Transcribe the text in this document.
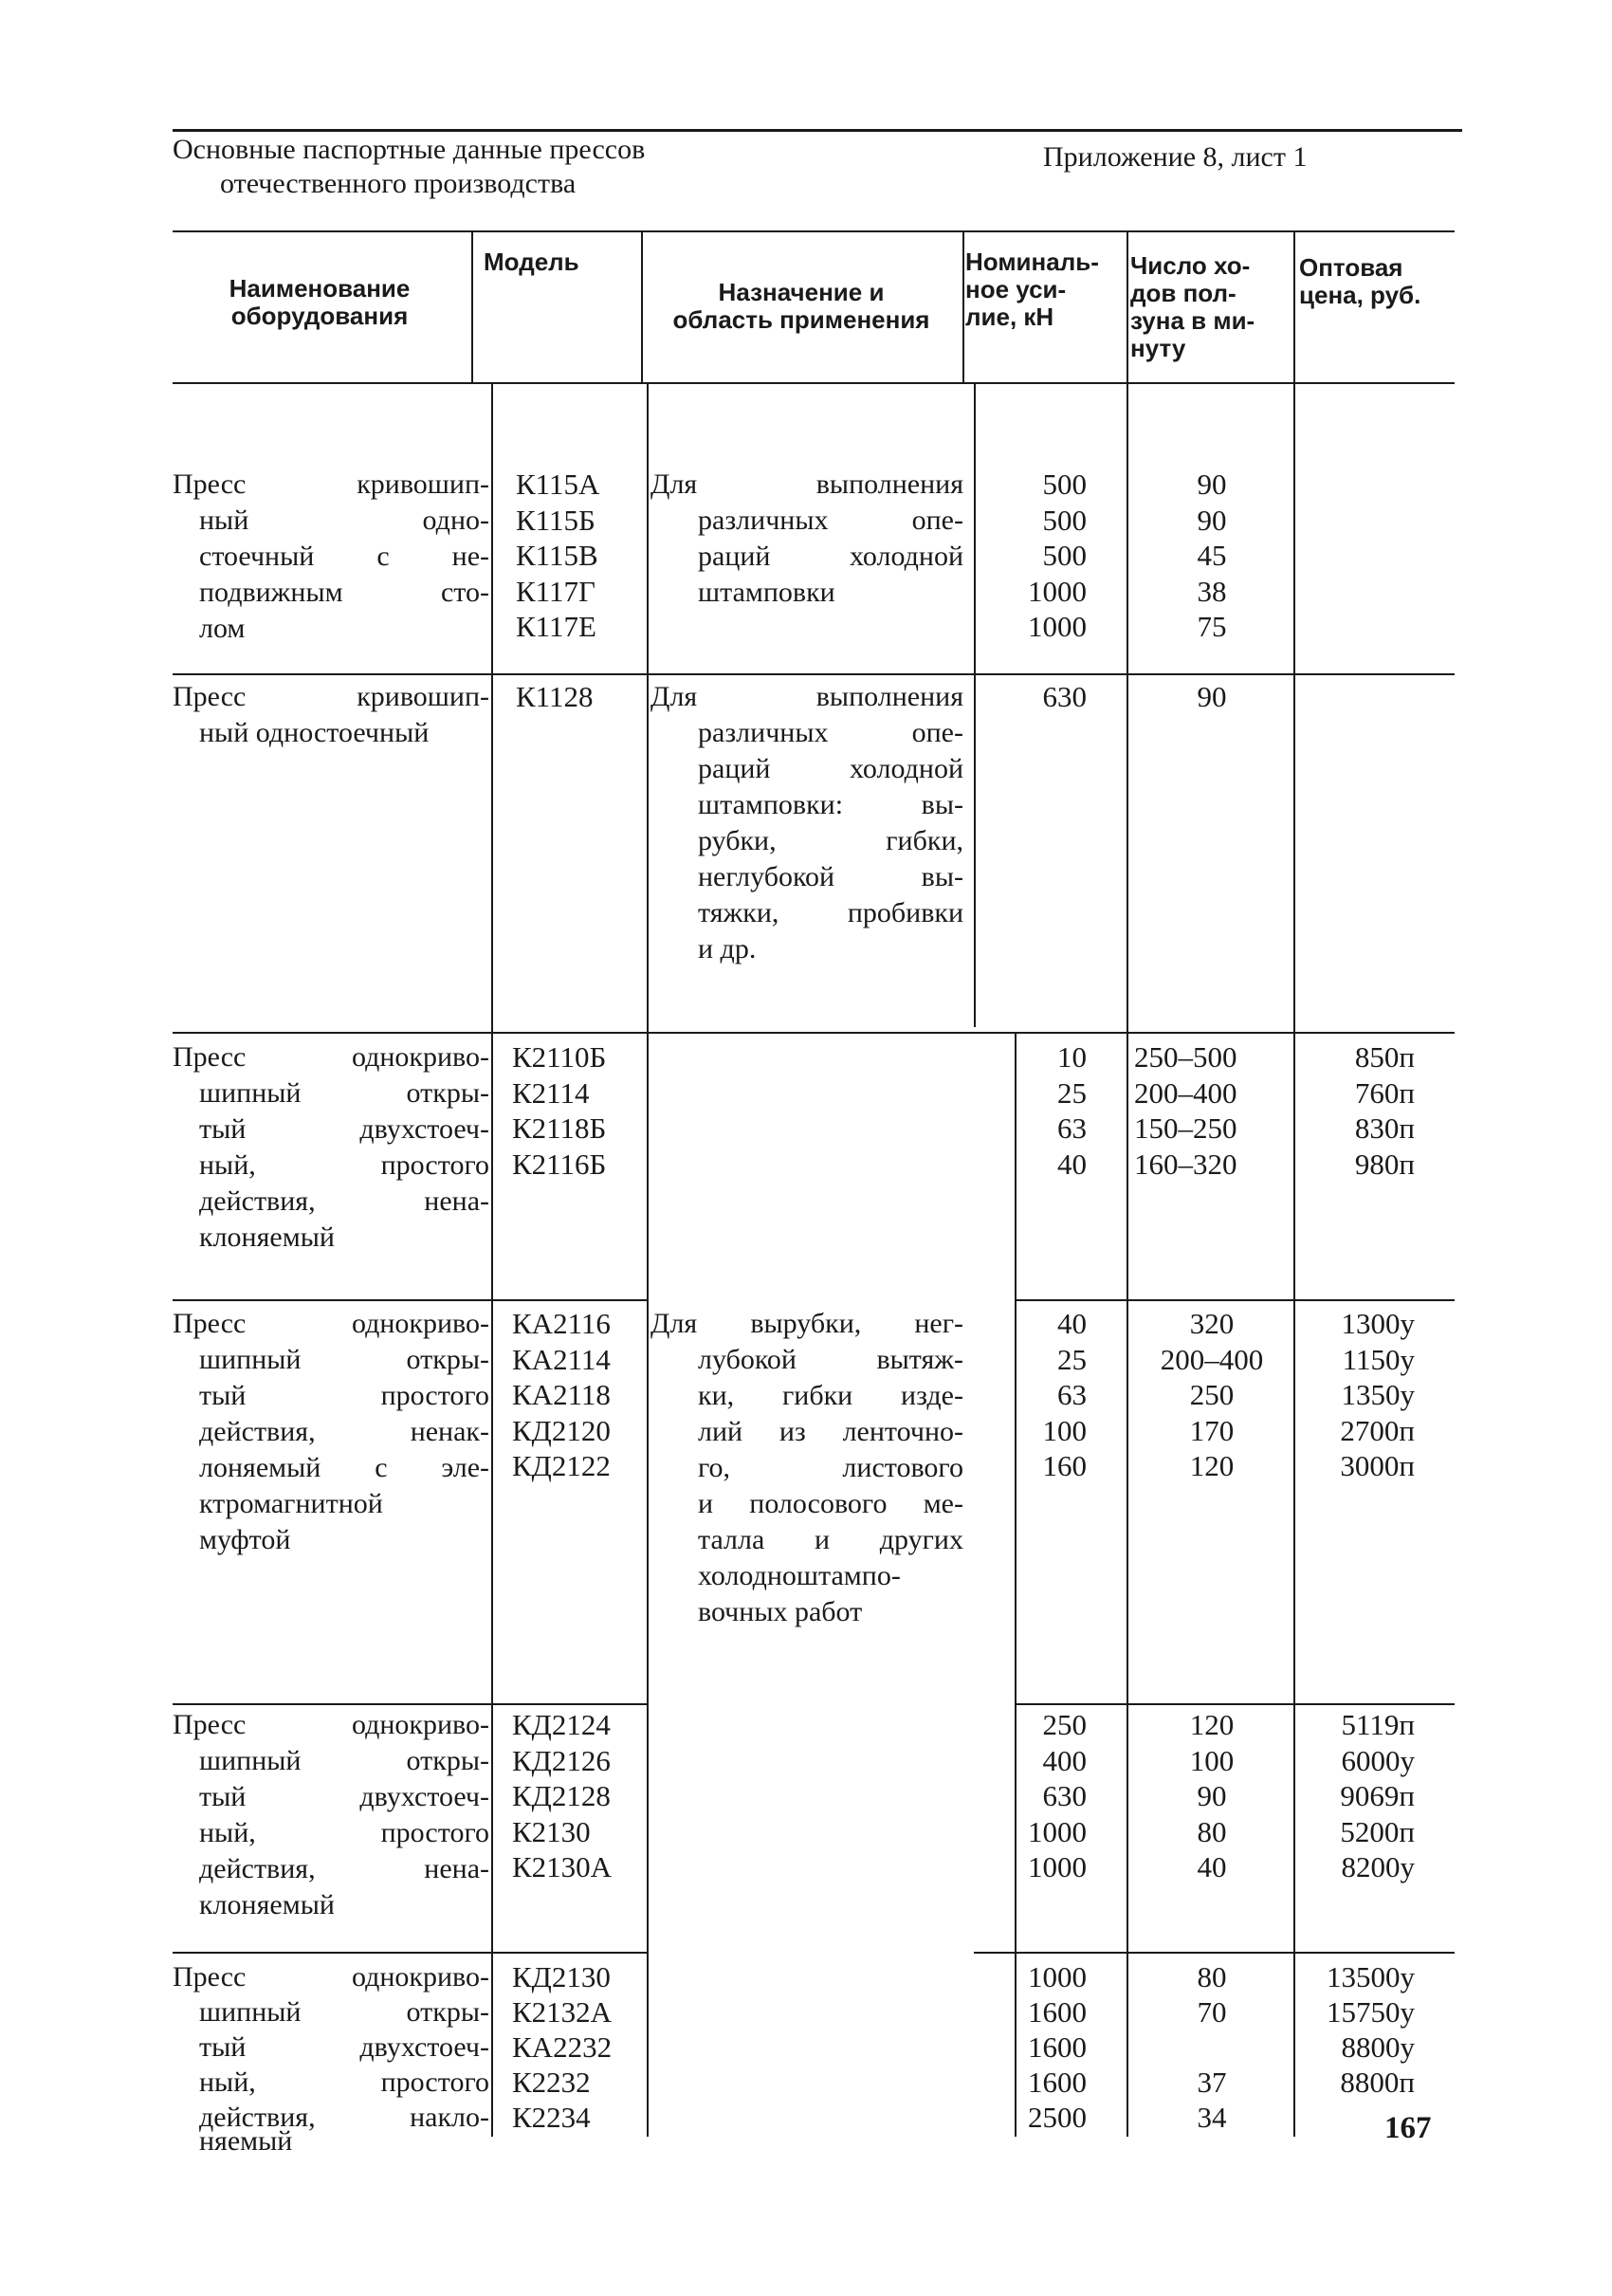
Основные паспортные данные прессов
отечественного производства
Приложение 8, лист 1
Наименование
оборудования
Модель
Назначение и
область применения
Номиналь-
ное уси-
лие, кН
Число хо-
дов пол-
зуна в ми-
нуту
Оптовая
цена, руб.
Пресс кривошип-
ный одно-
стоечный с не-
подвижным сто-
лом
К115А
К115Б
К115В
К117Г
К117Е
Для выполнения
различных опе-
раций холодной
штамповки
500
500
500
1000
1000
90
90
45
38
75
Пресс кривошип-
ный одностоечный
К1128 Для выполнения
различных опе-
раций холодной
штамповки: вы-
рубки, гибки,
неглубокой вы-
тяжки, пробивки
и др.
630	90
Пресс однокриво-
шипный откры-
тый двухстоеч-
ный, простого
действия, нена-
клоняемый
К2110Б
К2114
К2118Б
К2116Б
10
25
63
40
250–500
200–400
150–250
160–320
850п
760п
830п
980п
Пресс однокриво-
шипный откры-
тый простого
действия, ненак-
лоняемый с эле-
ктромагнитной
муфтой
КА2116
КА2114
КА2118
КД2120
КД2122
Для вырубки, нег-
лубокой вытяж-
ки, гибки изде-
лий из ленточно-
го, листового
и полосового ме-
талла и других
холодноштампо-
вочных работ
40
25
63
100
160
320
200–400
250
170
120
1300у
1150у
1350у
2700п
3000п
Пресс однокриво-
шипный откры-
тый двухстоеч-
ный, простого
действия, нена-
клоняемый
КД2124
КД2126
КД2128
К2130
К2130А
250
400
630
1000
1000
120
100
90
80
40
5119п
6000у
9069п
5200п
8200у
Пресс однокриво-
шипный откры-
тый двухстоеч-
ный, простого
действия, накло-
няемый
КД2130
К2132А
КА2232
К2232
К2234
1000
1600
1600
1600
2500
80
70
37
34
13500у
15750у
8800у
8800п
167
